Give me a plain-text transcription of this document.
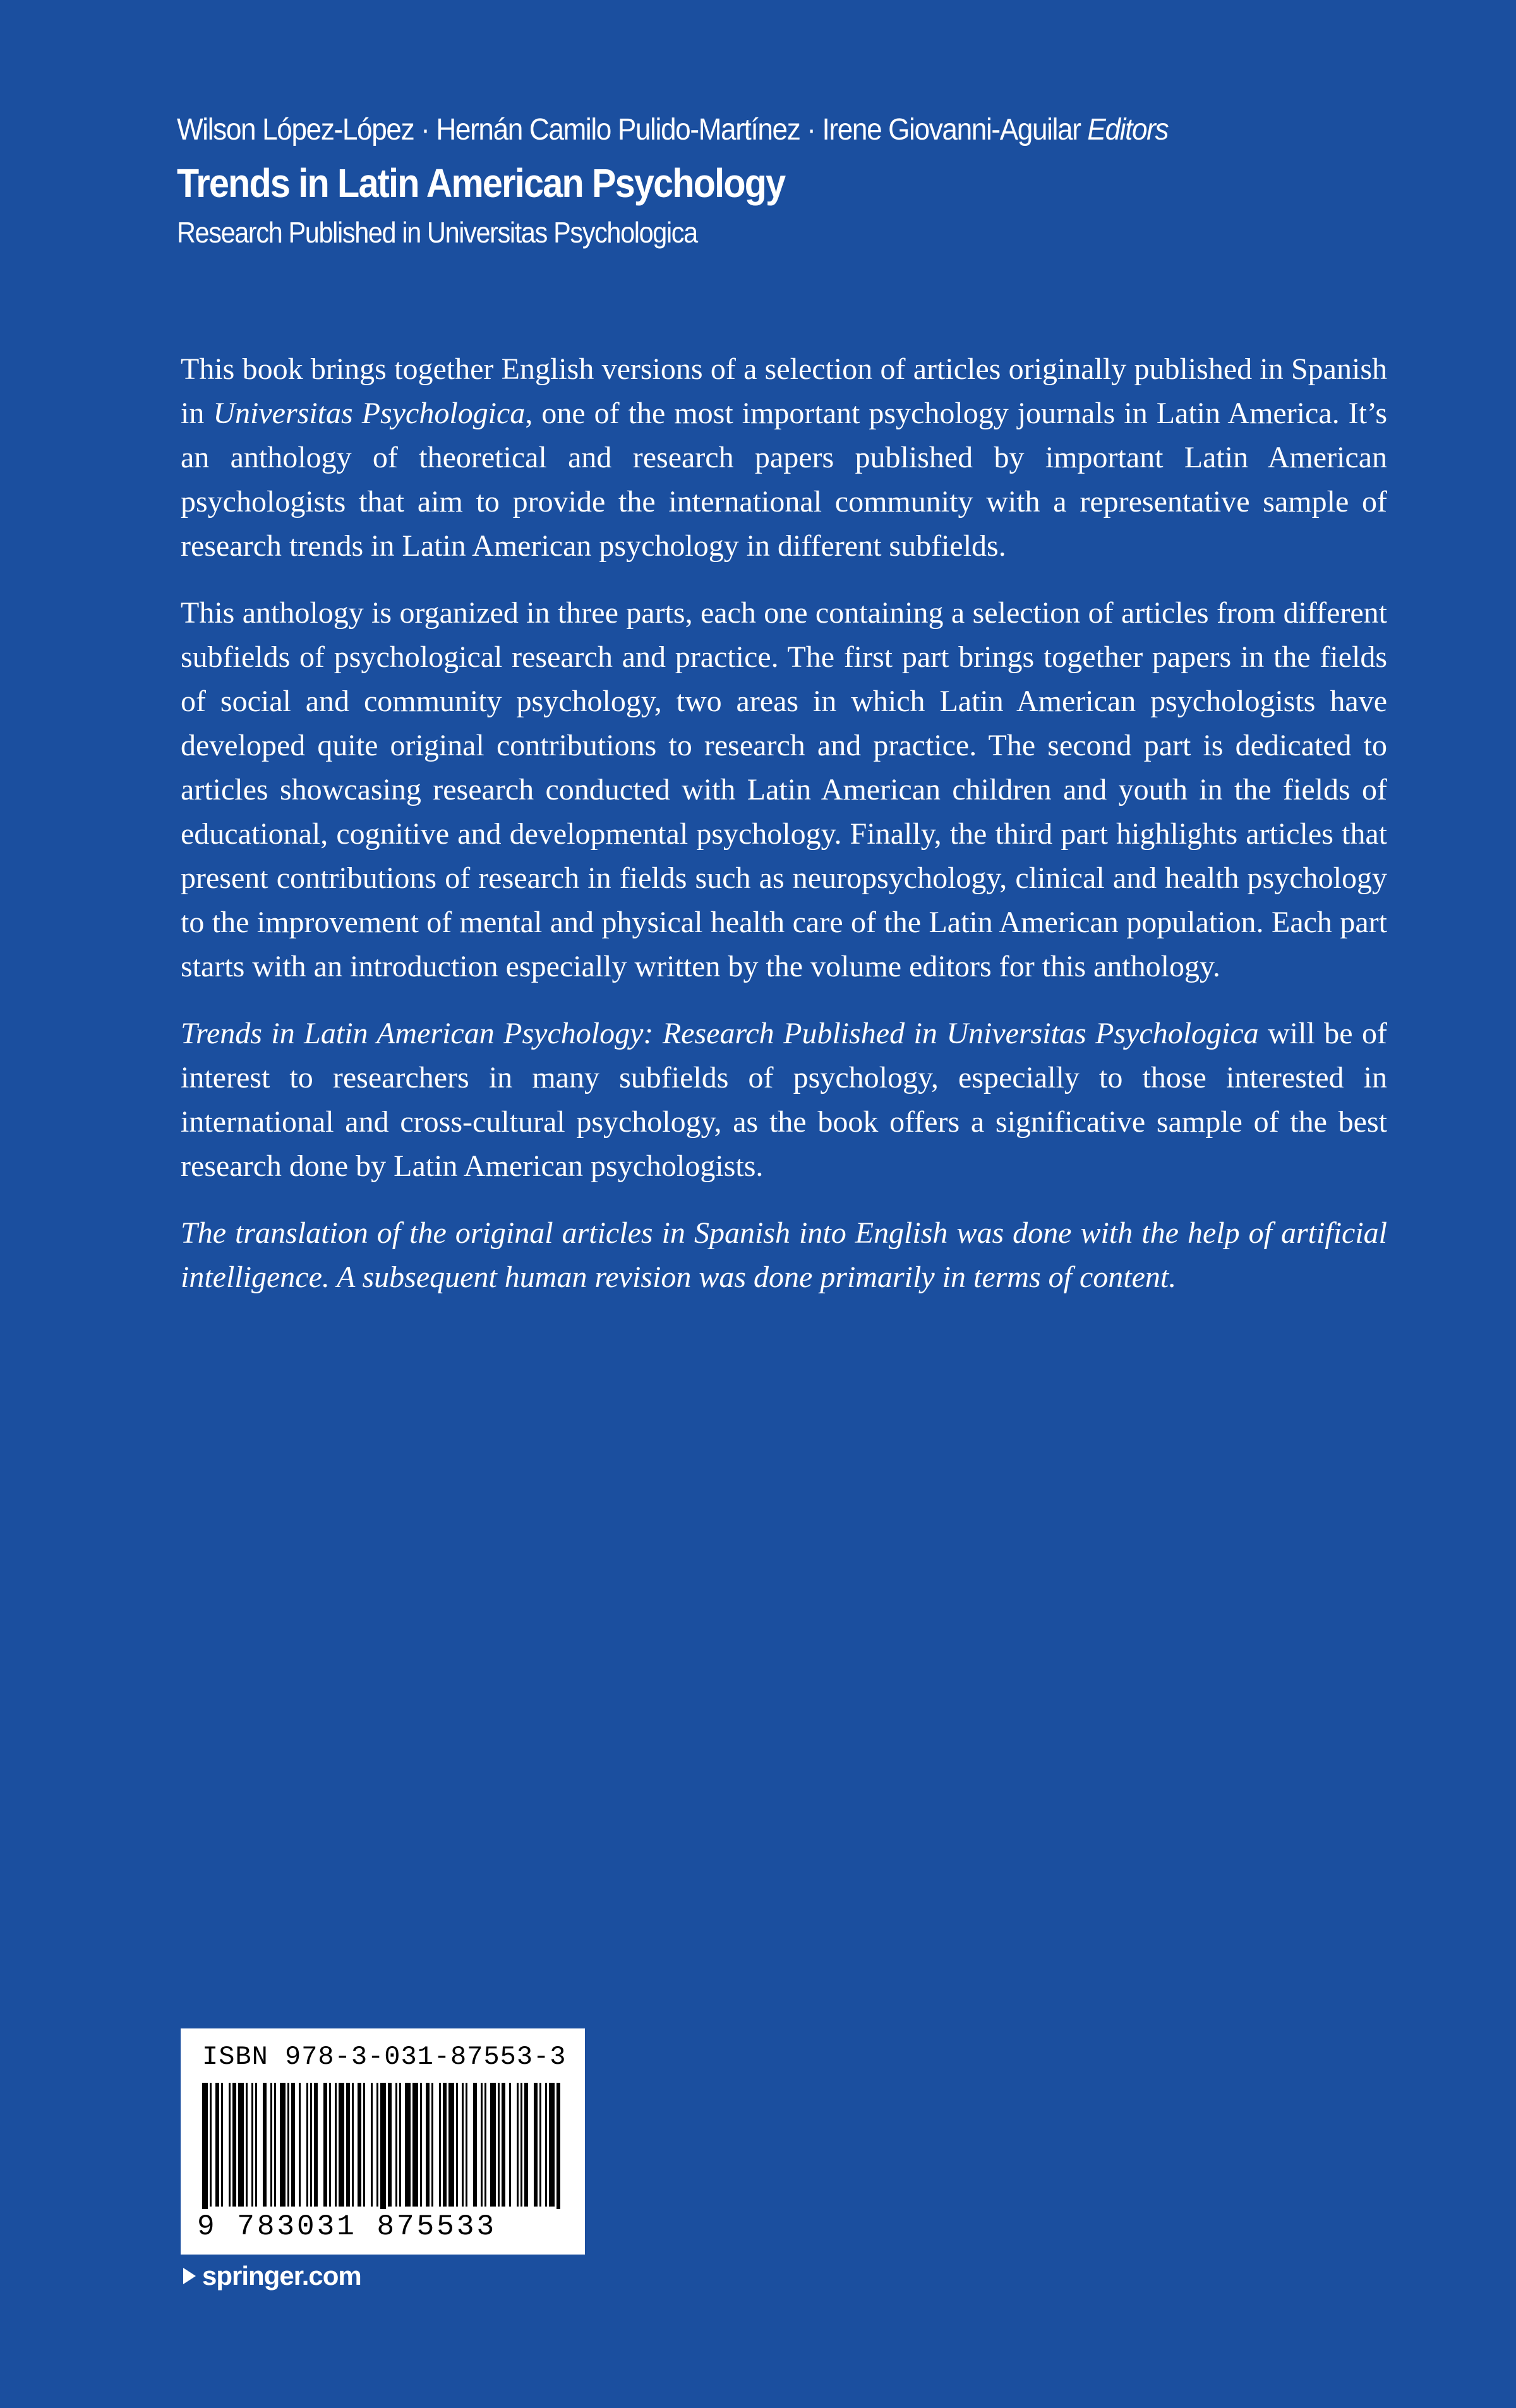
Wilson López-López · Hernán Camilo Pulido-Martínez · Irene Giovanni-Aguilar Editors
Trends in Latin American Psychology
Research Published in Universitas Psychologica

This book brings together English versions of a selection of articles originally published in Spanish in Universitas Psychologica, one of the most important psychology journals in Latin America. It’s an anthology of theoretical and research papers published by important Latin American psychologists that aim to provide the international community with a representative sample of research trends in Latin American psychology in different subfields.

This anthology is organized in three parts, each one containing a selection of articles from different subfields of psychological research and practice. The first part brings together papers in the fields of social and community psychology, two areas in which Latin American psychologists have developed quite original contributions to research and practice. The second part is dedicated to articles showcasing research conducted with Latin American children and youth in the fields of educational, cognitive and developmental psychology. Finally, the third part highlights articles that present contributions of research in fields such as neuropsychology, clinical and health psychology to the improvement of mental and physical health care of the Latin American population. Each part starts with an introduction especially written by the volume editors for this anthology.

Trends in Latin American Psychology: Research Published in Universitas Psychologica will be of interest to researchers in many subfields of psychology, especially to those interested in international and cross-cultural psychology, as the book offers a significative sample of the best research done by Latin American psychologists.

The translation of the original articles in Spanish into English was done with the help of artificial intelligence. A subsequent human revision was done primarily in terms of content.

ISBN 978-3-031-87553-3
9 783031 875533
springer.com
